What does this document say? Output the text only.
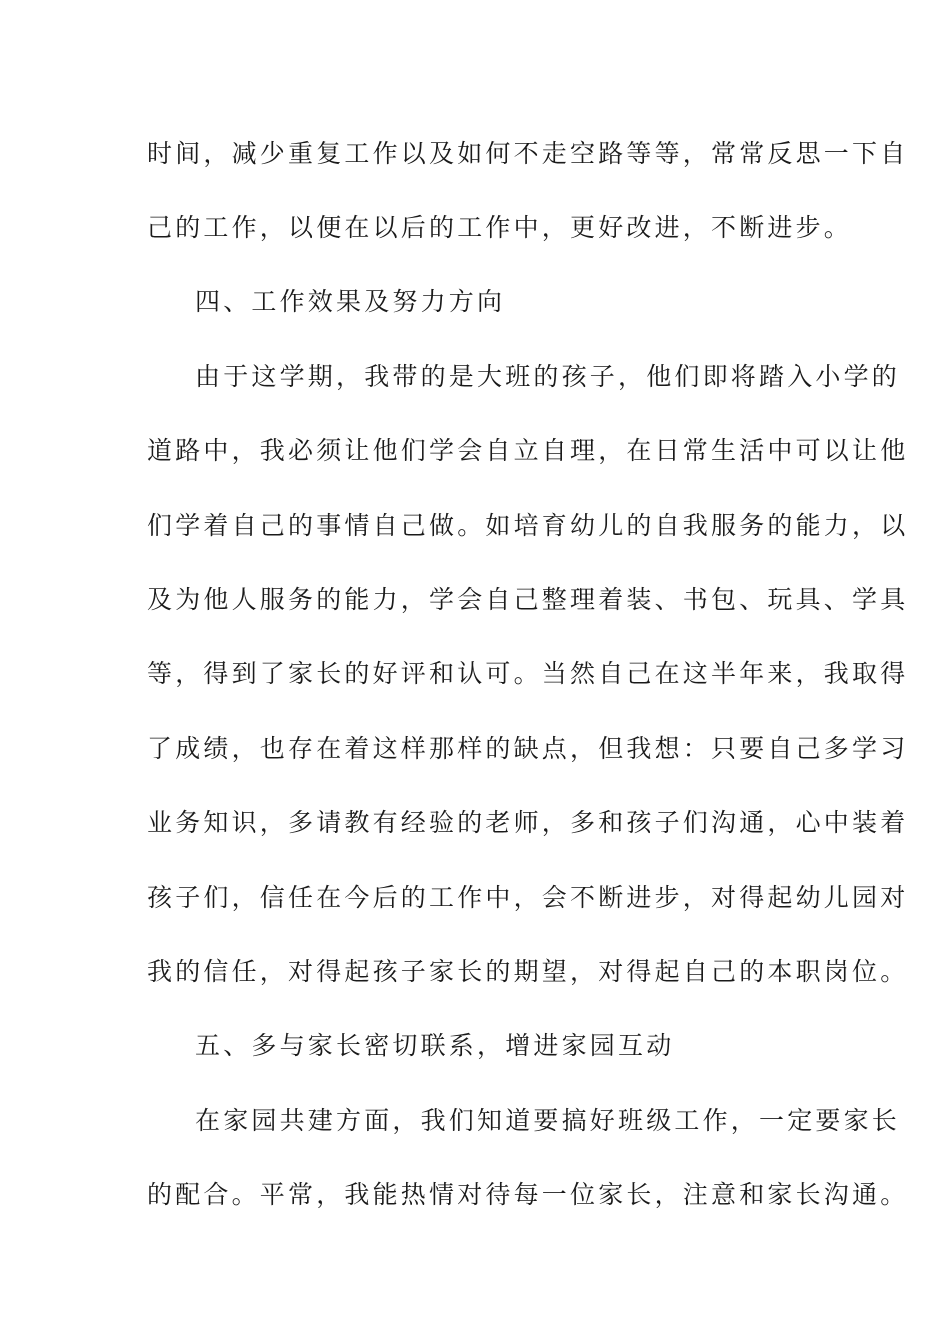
时间，减少重复工作以及如何不走空路等等，常常反思一下自
己的工作，以便在以后的工作中，更好改进，不断进步。
四、工作效果及努力方向
由于这学期，我带的是大班的孩子，他们即将踏入小学的
道路中，我必须让他们学会自立自理，在日常生活中可以让他
们学着自己的事情自己做。如培育幼儿的自我服务的能力，以
及为他人服务的能力，学会自己整理着装、书包、玩具、学具
等，得到了家长的好评和认可。当然自己在这半年来，我取得
了成绩，也存在着这样那样的缺点，但我想：只要自己多学习
业务知识，多请教有经验的老师，多和孩子们沟通，心中装着
孩子们，信任在今后的工作中，会不断进步，对得起幼儿园对
我的信任，对得起孩子家长的期望，对得起自己的本职岗位。
五、多与家长密切联系，增进家园互动
在家园共建方面，我们知道要搞好班级工作，一定要家长
的配合。平常，我能热情对待每一位家长，注意和家长沟通。
